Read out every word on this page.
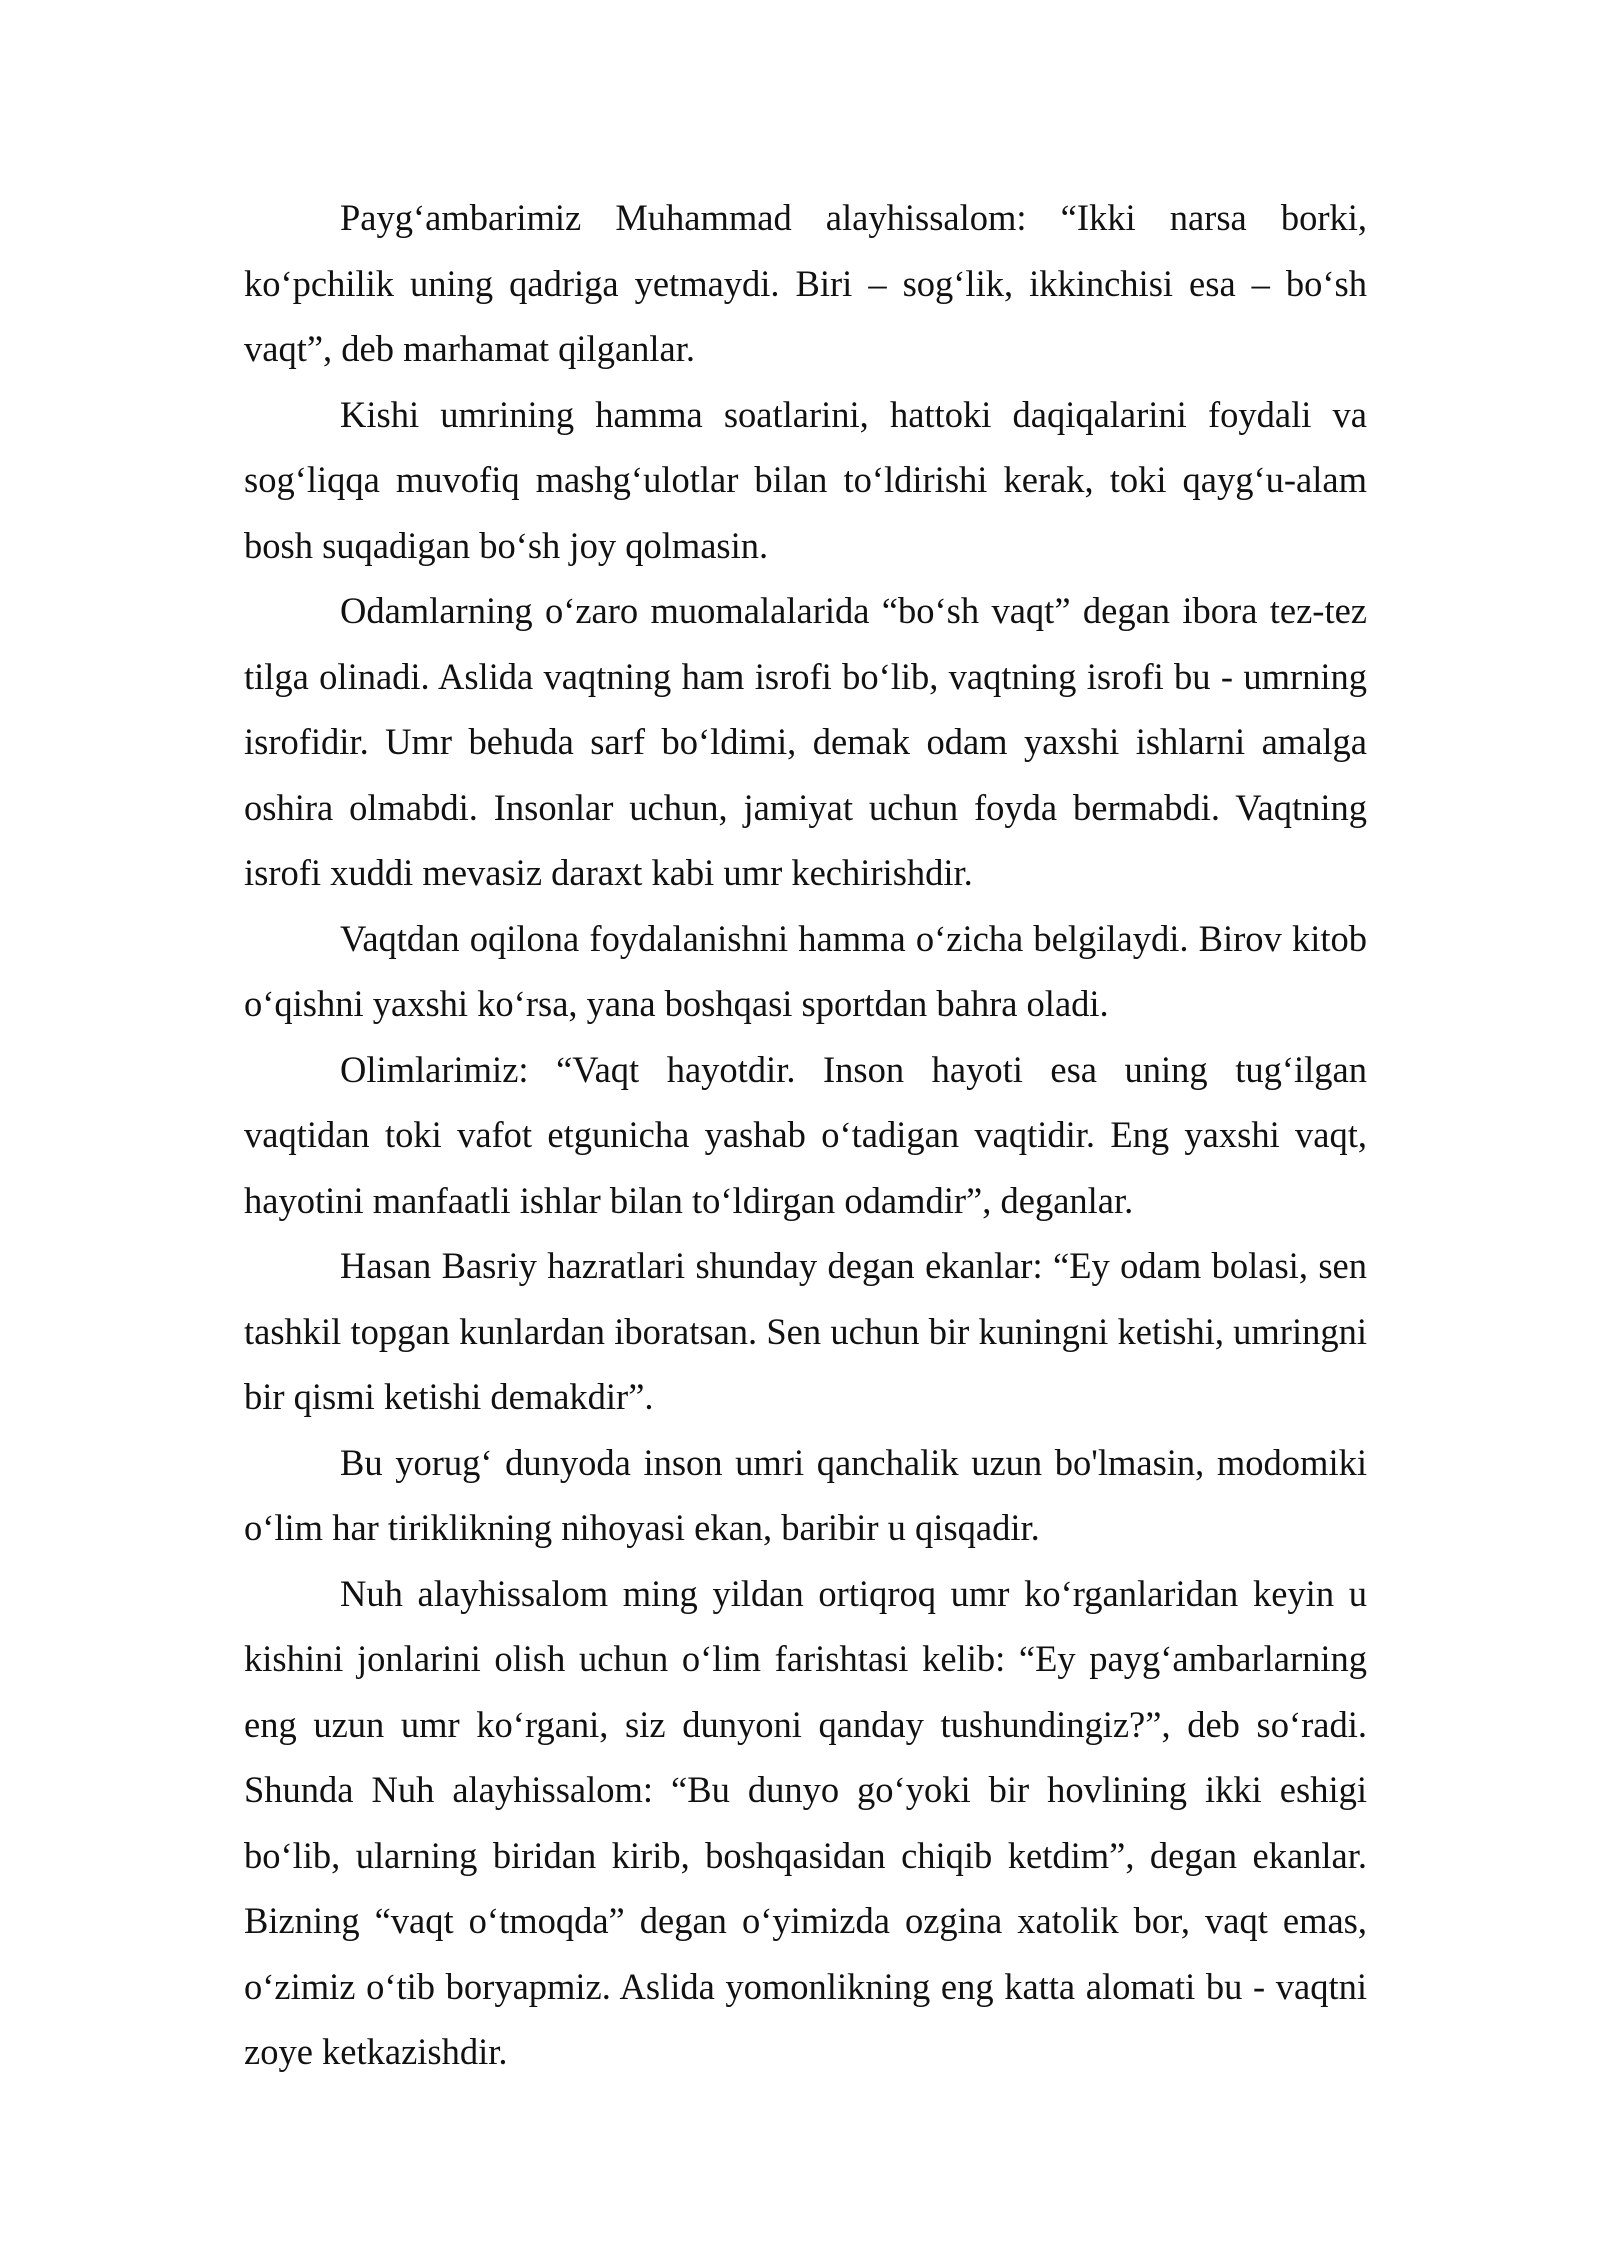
Payg‘ambarimiz Muhammad alayhissalom: “Ikki narsa borki, ko‘pchilik uning qadriga yetmaydi. Biri – sog‘lik, ikkinchisi esa – bo‘sh vaqt”, deb marhamat qilganlar.

Kishi umrining hamma soatlarini, hattoki daqiqalarini foydali va sog‘liqqa muvofiq mashg‘ulotlar bilan to‘ldirishi kerak, toki qayg‘u-alam bosh suqadigan bo‘sh joy qolmasin.

Odamlarning o‘zaro muomalalarida “bo‘sh vaqt” degan ibora tez-tez tilga olinadi. Aslida vaqtning ham isrofi bo‘lib, vaqtning isrofi bu - umrning isrofidir. Umr behuda sarf bo‘ldimi, demak odam yaxshi ishlarni amalga oshira olmabdi. Insonlar uchun, jamiyat uchun foyda bermabdi. Vaqtning isrofi xuddi mevasiz daraxt kabi umr kechirishdir.

Vaqtdan oqilona foydalanishni hamma o‘zicha belgilaydi. Birov kitob o‘qishni yaxshi ko‘rsa, yana boshqasi sportdan bahra oladi.

Olimlarimiz: “Vaqt hayotdir. Inson hayoti esa uning tug‘ilgan vaqtidan toki vafot etgunicha yashab o‘tadigan vaqtidir. Eng yaxshi vaqt, hayotini manfaatli ishlar bilan to‘ldirgan odamdir”, deganlar.

Hasan Basriy hazratlari shunday degan ekanlar: “Ey odam bolasi, sen tashkil topgan kunlardan iboratsan. Sen uchun bir kuningni ketishi, umringni bir qismi ketishi demakdir”.

Bu yorug‘ dunyoda inson umri qanchalik uzun bo'lmasin, modomiki o‘lim har tiriklikning nihoyasi ekan, baribir u qisqadir.

Nuh alayhissalom ming yildan ortiqroq umr ko‘rganlaridan keyin u kishini jonlarini olish uchun o‘lim farishtasi kelib: “Ey payg‘ambarlarning eng uzun umr ko‘rgani, siz dunyoni qanday tushundingiz?”, deb so‘radi. Shunda Nuh alayhissalom: “Bu dunyo go‘yoki bir hovlining ikki eshigi bo‘lib, ularning biridan kirib, boshqasidan chiqib ketdim”, degan ekanlar. Bizning “vaqt o‘tmoqda” degan o‘yimizda ozgina xatolik bor, vaqt emas, o‘zimiz o‘tib boryapmiz. Aslida yomonlikning eng katta alomati bu - vaqtni zoye ketkazishdir.
